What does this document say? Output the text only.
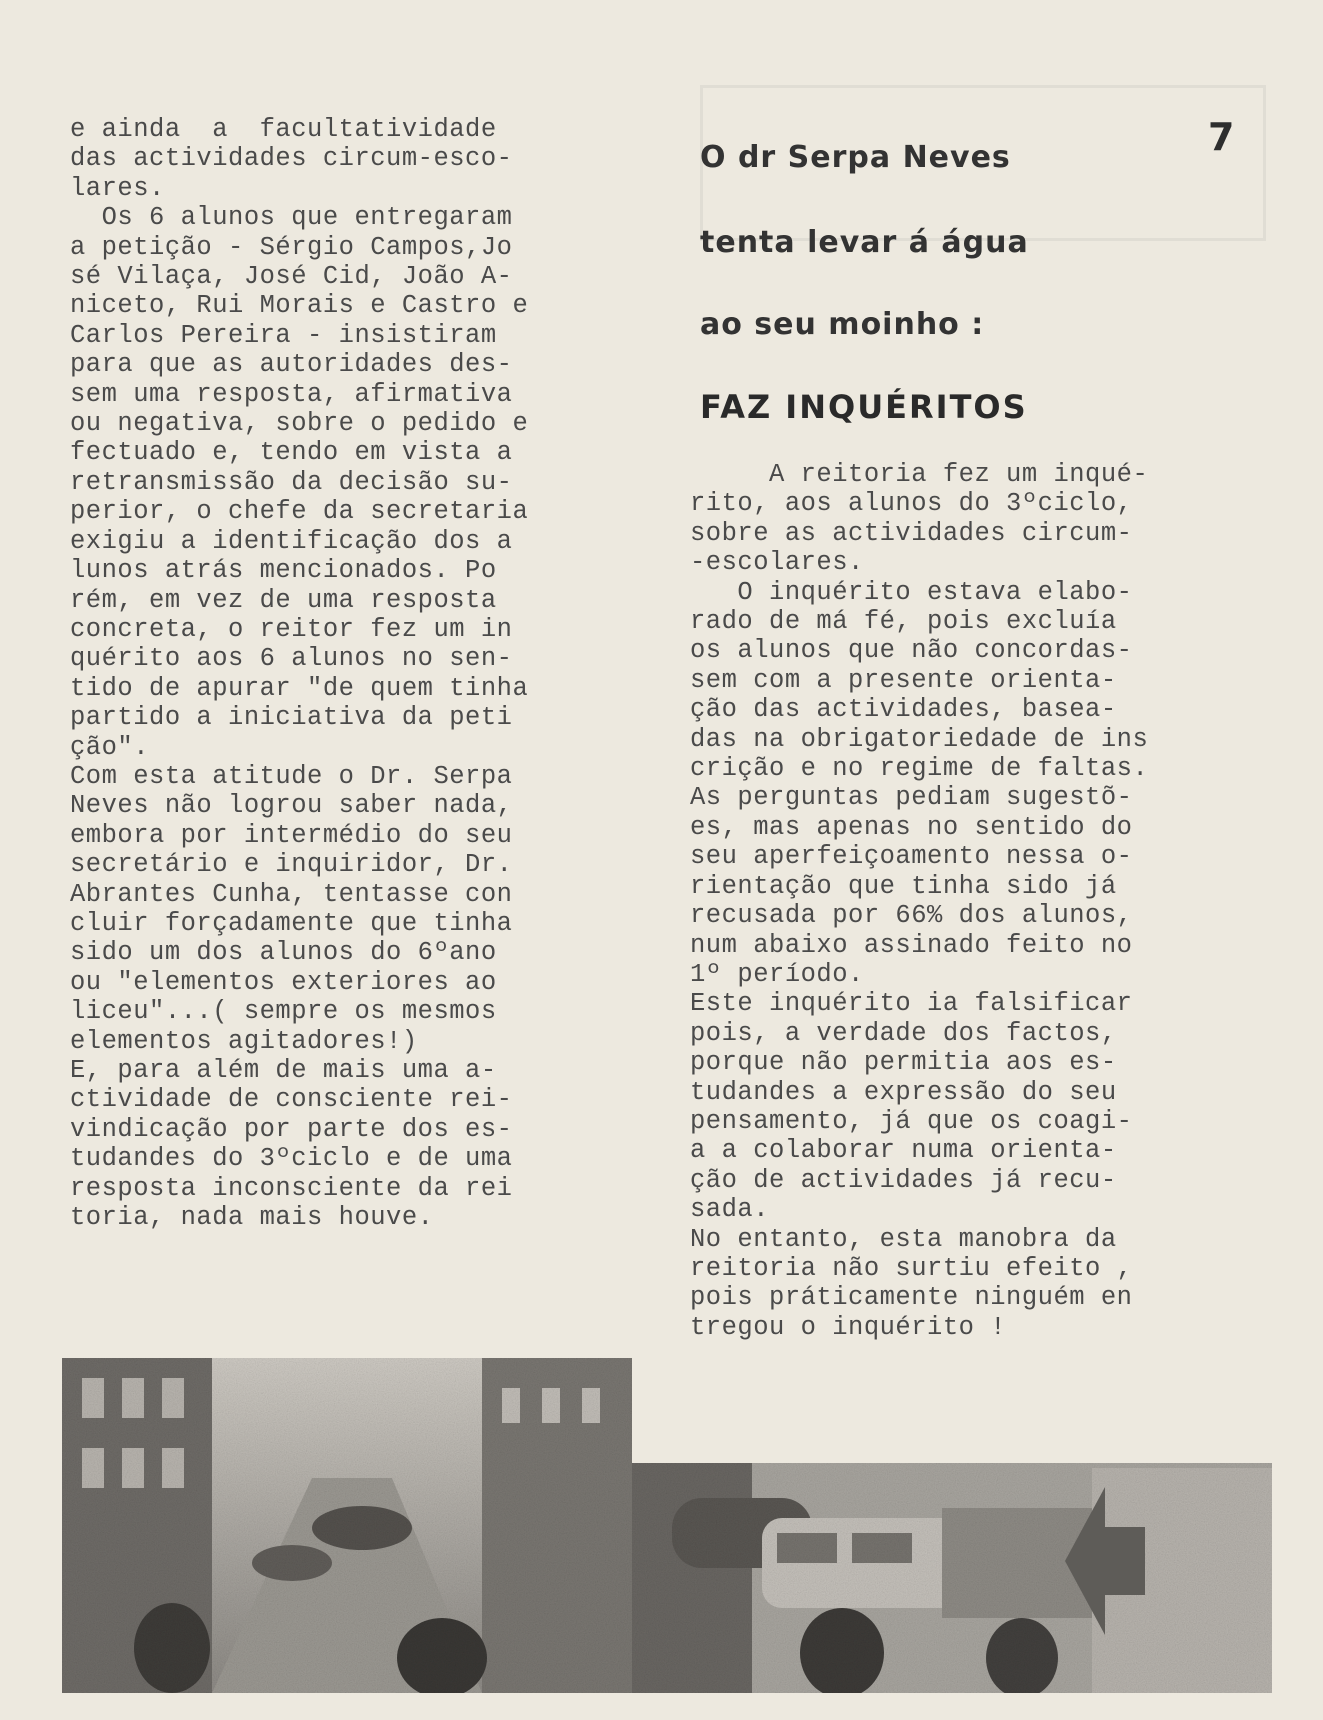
7
O dr Serpa Neves
tenta levar á água
ao seu moinho :
FAZ INQUÉRITOS
e ainda  a  facultatividade
das actividades circum-esco-
lares.
Os 6 alunos que entregaram
a petição - Sérgio Campos,Jo
sé Vilaça, José Cid, João A-
niceto, Rui Morais e Castro e
Carlos Pereira - insistiram
para que as autoridades des-
sem uma resposta, afirmativa
ou negativa, sobre o pedido e
fectuado e, tendo em vista a
retransmissão da decisão su-
perior, o chefe da secretaria
exigiu a identificação dos a
lunos atrás mencionados. Po
rém, em vez de uma resposta
concreta, o reitor fez um in
quérito aos 6 alunos no sen-
tido de apurar "de quem tinha
partido a iniciativa da peti
ção".
Com esta atitude o Dr. Serpa
Neves não logrou saber nada,
embora por intermédio do seu
secretário e inquiridor, Dr.
Abrantes Cunha, tentasse con
cluir forçadamente que tinha
sido um dos alunos do 6ºano
ou "elementos exteriores ao
liceu"...( sempre os mesmos
elementos agitadores!)
E, para além de mais uma a-
ctividade de consciente rei-
vindicação por parte dos es-
tudandes do 3ºciclo e de uma
resposta inconsciente da rei
toria, nada mais houve.
A reitoria fez um inqué-
rito, aos alunos do 3ºciclo,
sobre as actividades circum-
-escolares.
O inquérito estava elabo-
rado de má fé, pois excluía
os alunos que não concordas-
sem com a presente orienta-
ção das actividades, basea-
das na obrigatoriedade de ins
crição e no regime de faltas.
As perguntas pediam sugestõ-
es, mas apenas no sentido do
seu aperfeiçoamento nessa o-
rientação que tinha sido já
recusada por 66% dos alunos,
num abaixo assinado feito no
1º período.
Este inquérito ia falsificar
pois, a verdade dos factos,
porque não permitia aos es-
tudandes a expressão do seu
pensamento, já que os coagi-
a a colaborar numa orienta-
ção de actividades já recu-
sada.
No entanto, esta manobra da
reitoria não surtiu efeito ,
pois práticamente ninguém en
tregou o inquérito !
